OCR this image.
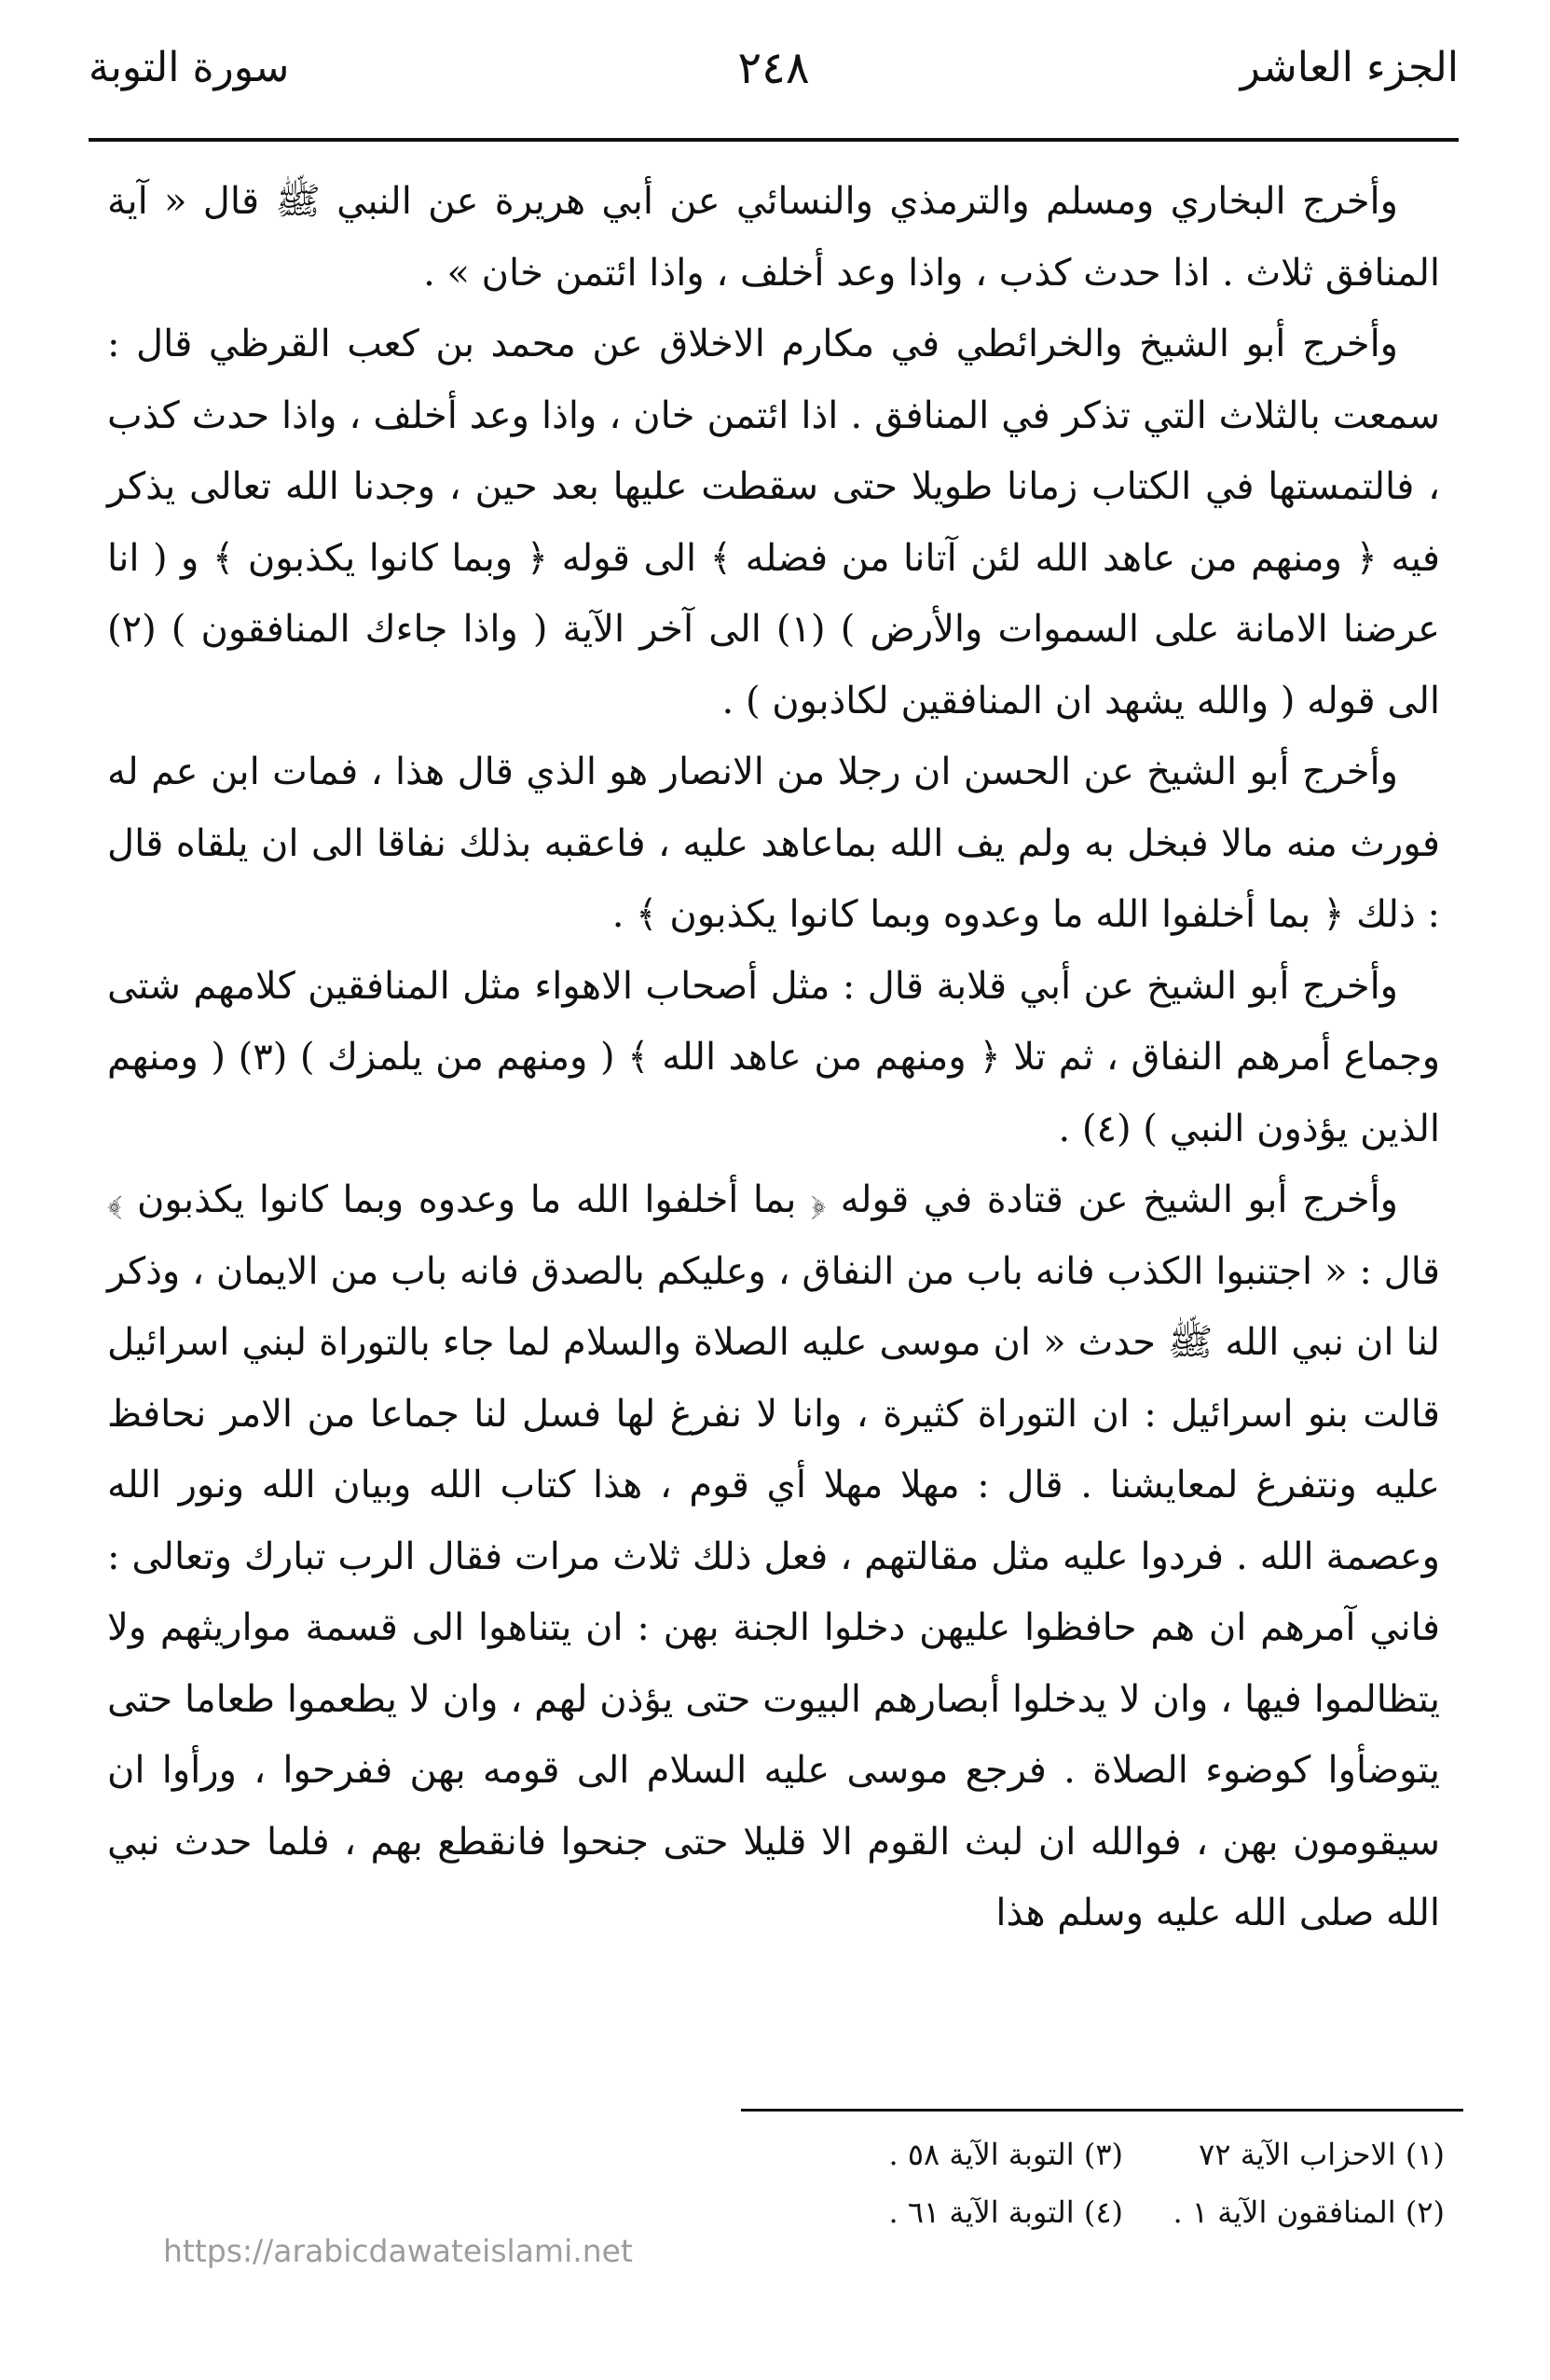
الجزء العاشر
٢٤٨
سورة التوبة

وأخرج البخاري ومسلم والترمذي والنسائي عن أبي هريرة عن النبي ﷺ قال « آية المنافق ثلاث . اذا حدث كذب ، واذا وعد أخلف ، واذا ائتمن خان » .

وأخرج أبو الشيخ والخرائطي في مكارم الاخلاق عن محمد بن كعب القرظي قال : سمعت بالثلاث التي تذكر في المنافق . اذا ائتمن خان ، واذا وعد أخلف ، واذا حدث كذب ، فالتمستها في الكتاب زمانا طويلا حتى سقطت عليها بعد حين ، وجدنا الله تعالى يذكر فيه ﴿ ومنهم من عاهد الله لئن آتانا من فضله ﴾ الى قوله ﴿ وبما كانوا يكذبون ﴾ و ( انا عرضنا الامانة على السموات والأرض ) (١) الى آخر الآية ( واذا جاءك المنافقون ) (٢) الى قوله ( والله يشهد ان المنافقين لكاذبون ) .

وأخرج أبو الشيخ عن الحسن ان رجلا من الانصار هو الذي قال هذا ، فمات ابن عم له فورث منه مالا فبخل به ولم يف الله بماعاهد عليه ، فاعقبه بذلك نفاقا الى ان يلقاه قال : ذلك ﴿ بما أخلفوا الله ما وعدوه وبما كانوا يكذبون ﴾ .

وأخرج أبو الشيخ عن أبي قلابة قال : مثل أصحاب الاهواء مثل المنافقين كلامهم شتى وجماع أمرهم النفاق ، ثم تلا ﴿ ومنهم من عاهد الله ﴾ ( ومنهم من يلمزك ) (٣) ( ومنهم الذين يؤذون النبي ) (٤) .

وأخرج أبو الشيخ عن قتادة في قوله ﴿ بما أخلفوا الله ما وعدوه وبما كانوا يكذبون ﴾ قال : « اجتنبوا الكذب فانه باب من النفاق ، وعليكم بالصدق فانه باب من الايمان ، وذكر لنا ان نبي الله ﷺ حدث « ان موسى عليه الصلاة والسلام لما جاء بالتوراة لبني اسرائيل قالت بنو اسرائيل : ان التوراة كثيرة ، وانا لا نفرغ لها فسل لنا جماعا من الامر نحافظ عليه ونتفرغ لمعايشنا . قال : مهلا مهلا أي قوم ، هذا كتاب الله وبيان الله ونور الله وعصمة الله . فردوا عليه مثل مقالتهم ، فعل ذلك ثلاث مرات فقال الرب تبارك وتعالى : فاني آمرهم ان هم حافظوا عليهن دخلوا الجنة بهن : ان يتناهوا الى قسمة مواريثهم ولا يتظالموا فيها ، وان لا يدخلوا أبصارهم البيوت حتى يؤذن لهم ، وان لا يطعموا طعاما حتى يتوضأوا كوضوء الصلاة . فرجع موسى عليه السلام الى قومه بهن ففرحوا ، ورأوا ان سيقومون بهن ، فوالله ان لبث القوم الا قليلا حتى جنحوا فانقطع بهم ، فلما حدث نبي الله صلى الله عليه وسلم هذا

(١) الاحزاب الآية ٧٢
(٣) التوبة الآية ٥٨ .
(٢) المنافقون الآية ١ .
(٤) التوبة الآية ٦١ .
https://arabicdawateislami.net
